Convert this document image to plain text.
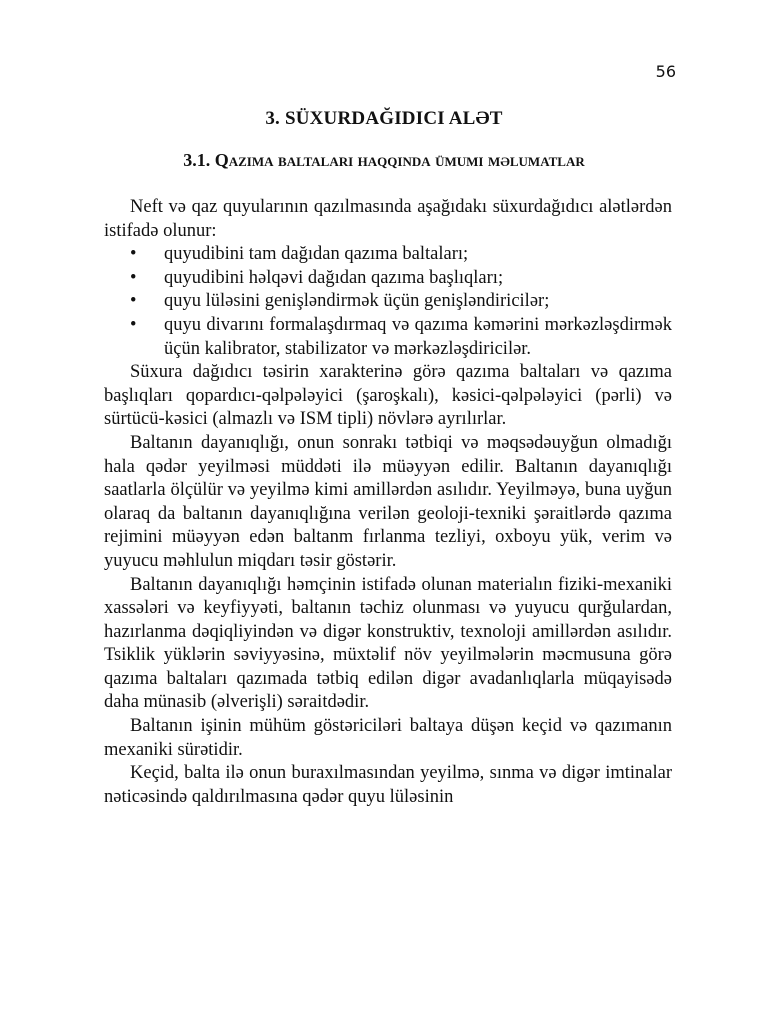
56
3. SÜXURDAĞIDICI ALƏT
3.1. Qazıma baltaları haqqında ümumi məlumatlar

Neft və qaz quyularının qazılmasında aşağıdakı süxurdağıdıcı alətlərdən istifadə olunur:

• quyudibini tam dağıdan qazıma baltaları;
• quyudibini həlqəvi dağıdan qazıma başlıqları;
• quyu lüləsini genişləndirmək üçün genişləndiricilər;
• quyu divarını formalaşdırmaq və qazıma kəmərini mərkəzləşdirmək üçün kalibrator, stabilizator və mərkəzləşdiricilər.

Süxura dağıdıcı təsirin xarakterinə görə qazıma baltaları və qazıma başlıqları qopardıcı-qəlpələyici (şaroşkalı), kəsici-qəlpələyici (pərli) və sürtücü-kəsici (almazlı və ISM tipli) növlərə ayrılırlar.

Baltanın dayanıqlığı, onun sonrakı tətbiqi və məqsədəuyğun olmadığı hala qədər yeyilməsi müddəti ilə müəyyən edilir. Baltanın dayanıqlığı saatlarla ölçülür və yeyilmə kimi amillərdən asılıdır. Yeyilməyə, buna uyğun olaraq da baltanın dayanıqlığına verilən geoloji-texniki şəraitlərdə qazıma rejimini müəyyən edən baltanm fırlanma tezliyi, oxboyu yük, verim və yuyucu məhlulun miqdarı təsir göstərir.

Baltanın dayanıqlığı həmçinin istifadə olunan materialın fiziki-mexaniki xassələri və keyfiyyəti, baltanın təchiz olunması və yuyucu qurğulardan, hazırlanma dəqiqliyindən və digər konstruktiv, texnoloji amillərdən asılıdır. Tsiklik yüklərin səviyyəsinə, müxtəlif növ yeyilmələrin məcmusuna görə qazıma baltaları qazımada tətbiq edilən digər avadanlıqlarla müqayisədə daha münasib (əlverişli) səraitdədir.

Baltanın işinin mühüm göstəriciləri baltaya düşən keçid və qazımanın mexaniki sürətidir.

Keçid, balta ilə onun buraxılmasından yeyilmə, sınma və digər imtinalar nəticəsində qaldırılmasına qədər quyu lüləsinin
